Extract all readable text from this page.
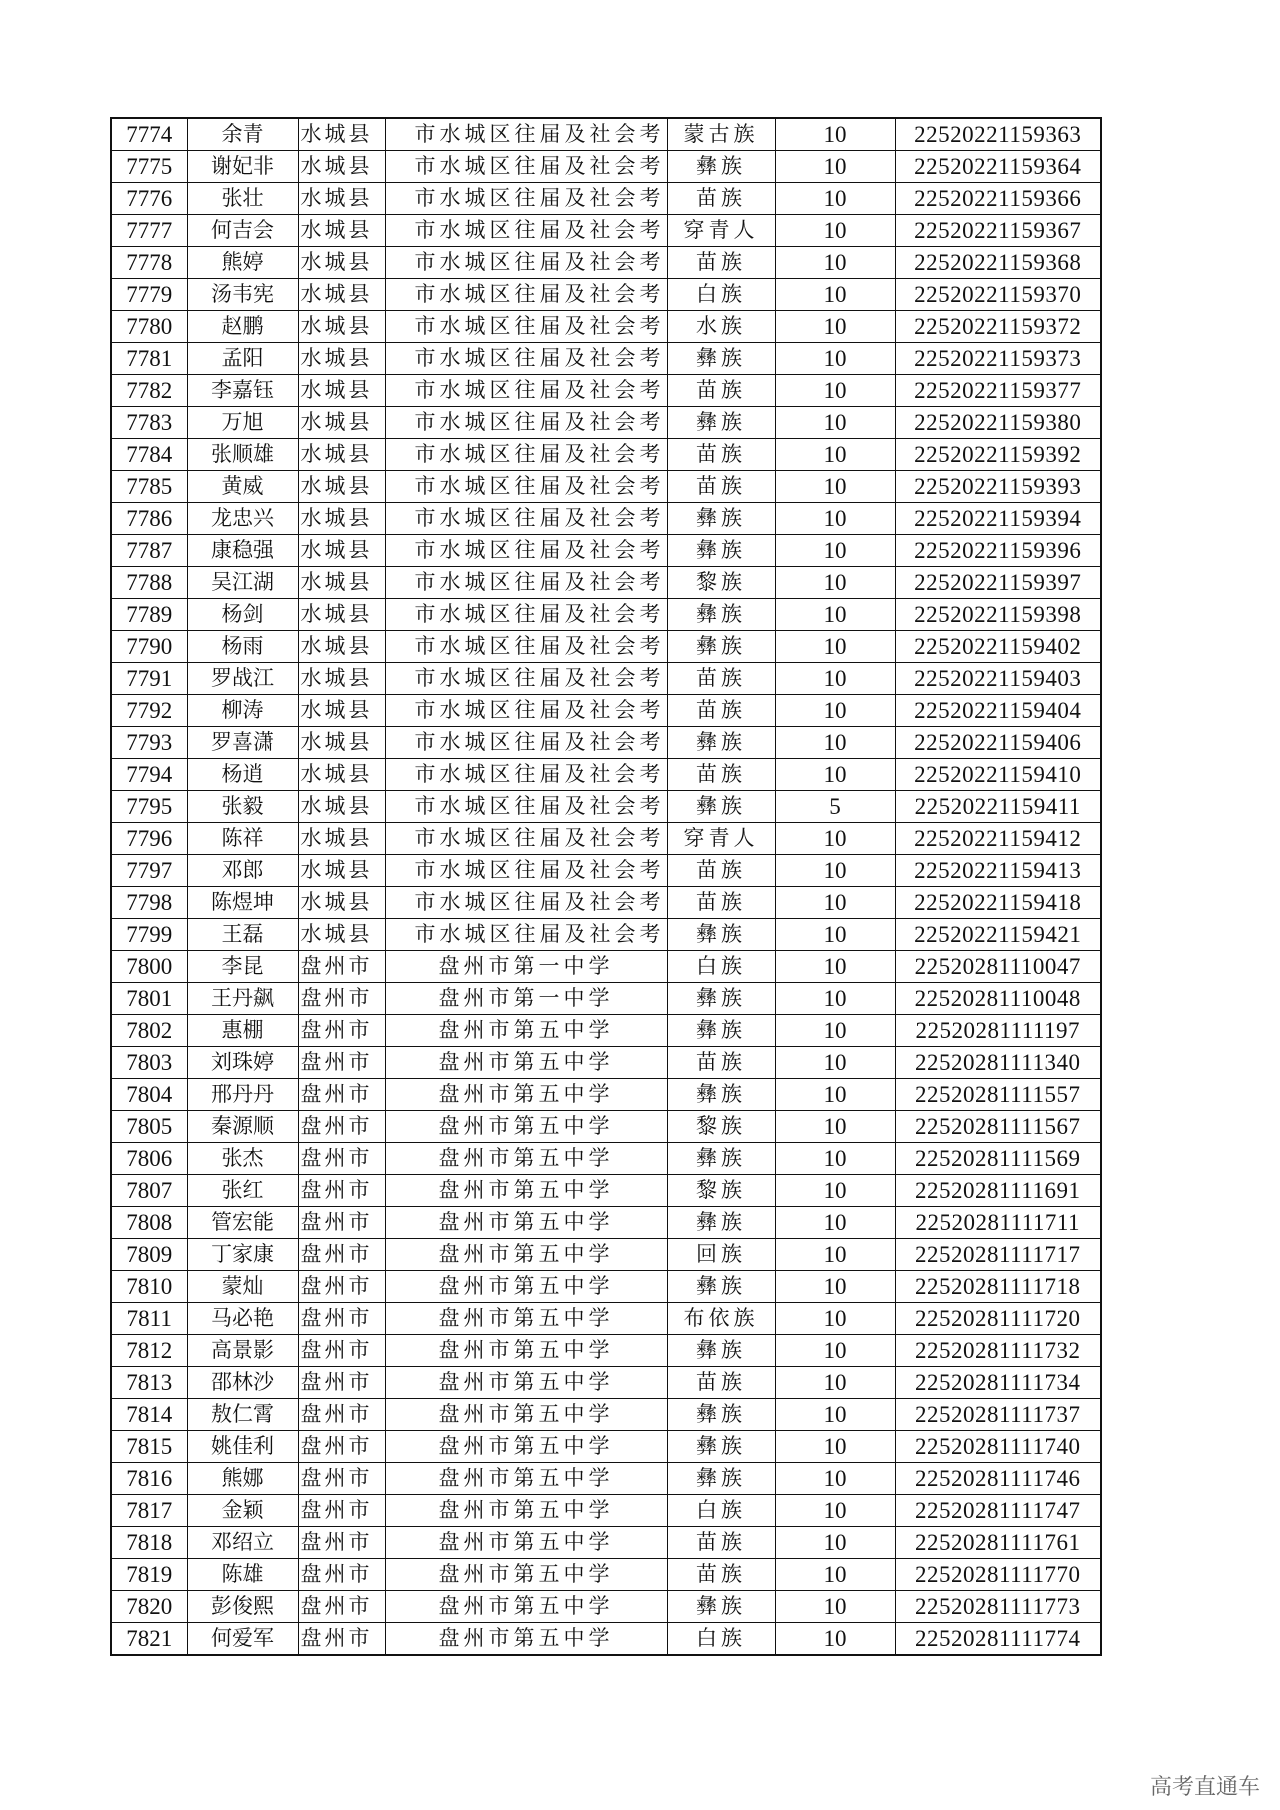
7774	余青	水城县	市水城区往届及社会考	蒙古族	10	22520221159363
7775	谢妃非	水城县	市水城区往届及社会考	彝族	10	22520221159364
7776	张壮	水城县	市水城区往届及社会考	苗族	10	22520221159366
7777	何吉会	水城县	市水城区往届及社会考	穿青人	10	22520221159367
7778	熊婷	水城县	市水城区往届及社会考	苗族	10	22520221159368
7779	汤韦宪	水城县	市水城区往届及社会考	白族	10	22520221159370
7780	赵鹏	水城县	市水城区往届及社会考	水族	10	22520221159372
7781	孟阳	水城县	市水城区往届及社会考	彝族	10	22520221159373
7782	李嘉钰	水城县	市水城区往届及社会考	苗族	10	22520221159377
7783	万旭	水城县	市水城区往届及社会考	彝族	10	22520221159380
7784	张顺雄	水城县	市水城区往届及社会考	苗族	10	22520221159392
7785	黄威	水城县	市水城区往届及社会考	苗族	10	22520221159393
7786	龙忠兴	水城县	市水城区往届及社会考	彝族	10	22520221159394
7787	康稳强	水城县	市水城区往届及社会考	彝族	10	22520221159396
7788	吴江湖	水城县	市水城区往届及社会考	黎族	10	22520221159397
7789	杨剑	水城县	市水城区往届及社会考	彝族	10	22520221159398
7790	杨雨	水城县	市水城区往届及社会考	彝族	10	22520221159402
7791	罗战江	水城县	市水城区往届及社会考	苗族	10	22520221159403
7792	柳涛	水城县	市水城区往届及社会考	苗族	10	22520221159404
7793	罗喜潇	水城县	市水城区往届及社会考	彝族	10	22520221159406
7794	杨逍	水城县	市水城区往届及社会考	苗族	10	22520221159410
7795	张毅	水城县	市水城区往届及社会考	彝族	5	22520221159411
7796	陈祥	水城县	市水城区往届及社会考	穿青人	10	22520221159412
7797	邓郎	水城县	市水城区往届及社会考	苗族	10	22520221159413
7798	陈煜坤	水城县	市水城区往届及社会考	苗族	10	22520221159418
7799	王磊	水城县	市水城区往届及社会考	彝族	10	22520221159421
7800	李昆	盘州市	盘州市第一中学	白族	10	22520281110047
7801	王丹飙	盘州市	盘州市第一中学	彝族	10	22520281110048
7802	惠棚	盘州市	盘州市第五中学	彝族	10	22520281111197
7803	刘珠婷	盘州市	盘州市第五中学	苗族	10	22520281111340
7804	邢丹丹	盘州市	盘州市第五中学	彝族	10	22520281111557
7805	秦源顺	盘州市	盘州市第五中学	黎族	10	22520281111567
7806	张杰	盘州市	盘州市第五中学	彝族	10	22520281111569
7807	张红	盘州市	盘州市第五中学	黎族	10	22520281111691
7808	管宏能	盘州市	盘州市第五中学	彝族	10	22520281111711
7809	丁家康	盘州市	盘州市第五中学	回族	10	22520281111717
7810	蒙灿	盘州市	盘州市第五中学	彝族	10	22520281111718
7811	马必艳	盘州市	盘州市第五中学	布依族	10	22520281111720
7812	高景影	盘州市	盘州市第五中学	彝族	10	22520281111732
7813	邵林沙	盘州市	盘州市第五中学	苗族	10	22520281111734
7814	敖仁霄	盘州市	盘州市第五中学	彝族	10	22520281111737
7815	姚佳利	盘州市	盘州市第五中学	彝族	10	22520281111740
7816	熊娜	盘州市	盘州市第五中学	彝族	10	22520281111746
7817	金颖	盘州市	盘州市第五中学	白族	10	22520281111747
7818	邓绍立	盘州市	盘州市第五中学	苗族	10	22520281111761
7819	陈雄	盘州市	盘州市第五中学	苗族	10	22520281111770
7820	彭俊熙	盘州市	盘州市第五中学	彝族	10	22520281111773
7821	何爱军	盘州市	盘州市第五中学	白族	10	22520281111774
高考直通车
